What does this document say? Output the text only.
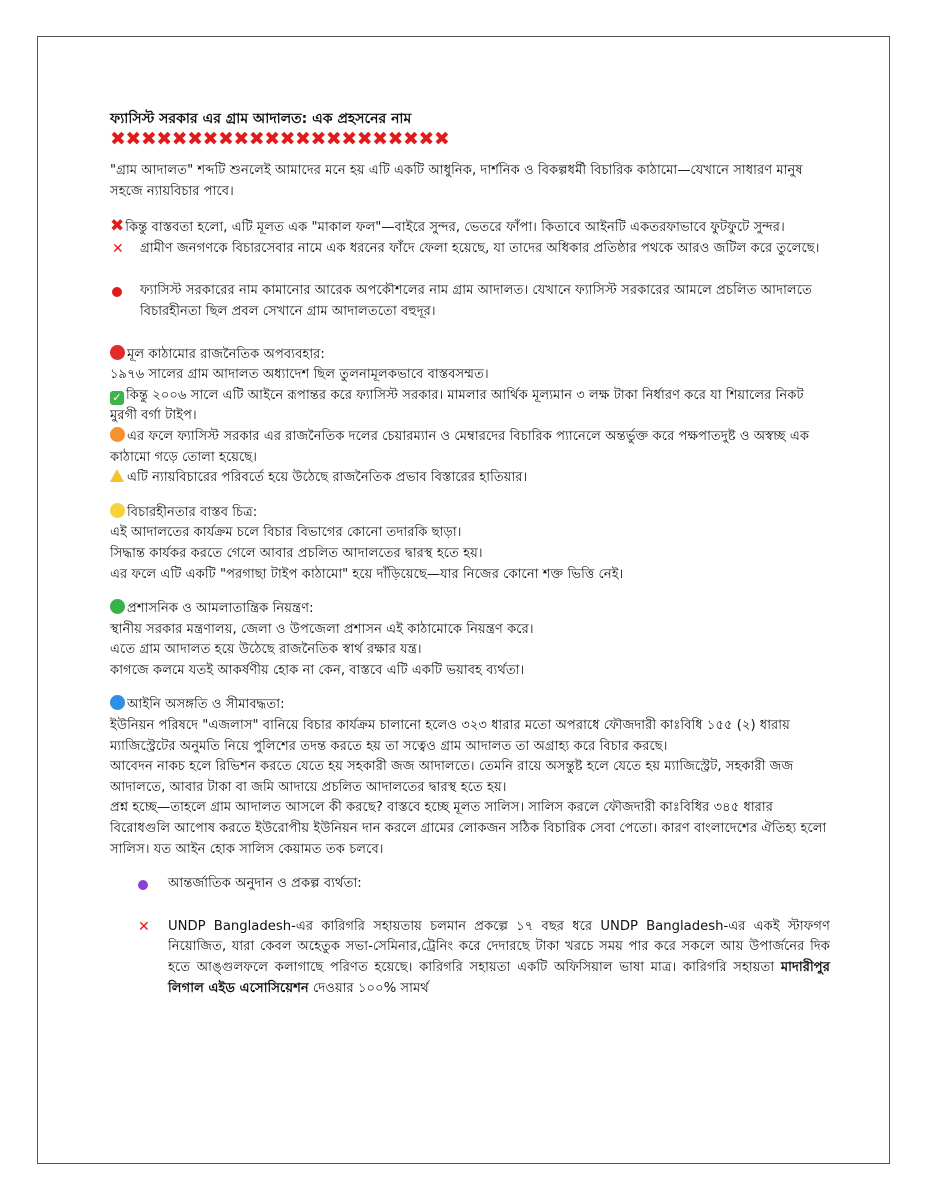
ফ্যাসিস্ট সরকার এর গ্রাম আদালত: এক প্রহসনের নাম

✖✖✖✖✖✖✖✖✖✖✖✖✖✖✖✖✖✖✖✖✖✖

"গ্রাম আদালত" শব্দটি শুনলেই আমাদের মনে হয় এটি একটি আধুনিক, দার্শনিক ও বিকল্পধর্মী বিচারিক কাঠামো—যেখানে সাধারণ মানুষ সহজে ন্যায়বিচার পাবে।

✖কিন্তু বাস্তবতা হলো, এটি মূলত এক "মাকাল ফল"—বাইরে সুন্দর, ভেতরে ফাঁপা। কিতাবে আইনটি একতরফাভাবে ফুটফুটে সুন্দর।

✕ গ্রামীণ জনগণকে বিচারসেবার নামে এক ধরনের ফাঁদে ফেলা হয়েছে, যা তাদের অধিকার প্রতিষ্ঠার পথকে আরও জটিল করে তুলেছে।
ফ্যাসিস্ট সরকারের নাম কামানোর আরেক অপকৌশলের নাম গ্রাম আদালত। যেখানে ফ্যাসিস্ট সরকারের আমলে প্রচলিত আদালতে বিচারহীনতা ছিল প্রবল সেখানে গ্রাম আদালততো বহুদূর।

মূল কাঠামোর রাজনৈতিক অপব্যবহার:

১৯৭৬ সালের গ্রাম আদালত অধ্যাদেশ ছিল তুলনামূলকভাবে বাস্তবসম্মত।

✓ কিন্তু ২০০৬ সালে এটি আইনে রূপান্তর করে ফ্যাসিস্ট সরকার। মামলার আর্থিক মূল্যমান ৩ লক্ষ টাকা নির্ধারণ করে যা শিয়ালের নিকট মুরগী বর্গা টাইপ।

এর ফলে ফ্যাসিস্ট সরকার এর রাজনৈতিক দলের চেয়ারম্যান ও মেম্বারদের বিচারিক প্যানেলে অন্তর্ভুক্ত করে পক্ষপাতদুষ্ট ও অস্বচ্ছ এক কাঠামো গড়ে তোলা হয়েছে।

এটি ন্যায়বিচারের পরিবর্তে হয়ে উঠেছে রাজনৈতিক প্রভাব বিস্তারের হাতিয়ার।

বিচারহীনতার বাস্তব চিত্র:

এই আদালতের কার্যক্রম চলে বিচার বিভাগের কোনো তদারকি ছাড়া।

সিদ্ধান্ত কার্যকর করতে গেলে আবার প্রচলিত আদালতের দ্বারস্থ হতে হয়।

এর ফলে এটি একটি "পরগাছা টাইপ কাঠামো" হয়ে দাঁড়িয়েছে—যার নিজের কোনো শক্ত ভিত্তি নেই।

প্রশাসনিক ও আমলাতান্ত্রিক নিয়ন্ত্রণ:

স্থানীয় সরকার মন্ত্রণালয়, জেলা ও উপজেলা প্রশাসন এই কাঠামোকে নিয়ন্ত্রণ করে।

এতে গ্রাম আদালত হয়ে উঠেছে রাজনৈতিক স্বার্থ রক্ষার যন্ত্র।

কাগজে কলমে যতই আকর্ষণীয় হোক না কেন, বাস্তবে এটি একটি ভয়াবহ ব্যর্থতা।

আইনি অসঙ্গতি ও সীমাবদ্ধতা:

ইউনিয়ন পরিষদে "এজলাস" বানিয়ে বিচার কার্যক্রম চালানো হলেও ৩২৩ ধারার মতো অপরাধে ফৌজদারী কাঃবিধি ১৫৫ (২) ধারায় ম্যাজিস্ট্রেটের অনুমতি নিয়ে পুলিশের তদন্ত করতে হয় তা সত্বেও গ্রাম আদালত তা অগ্রাহ্য করে বিচার করছে।

আবেদন নাকচ হলে রিভিশন করতে যেতে হয় সহকারী জজ আদালতে। তেমনি রায়ে অসন্তুষ্ট হলে যেতে হয় ম্যাজিস্ট্রেট, সহকারী জজ আদালতে, আবার টাকা বা জমি আদায়ে প্রচলিত আদালতের দ্বারস্থ হতে হয়।

প্রশ্ন হচ্ছে—তাহলে গ্রাম আদালত আসলে কী করছে? বাস্তবে হচ্ছে মূলত সালিস। সালিস করলে ফৌজদারী কাঃবিধির ৩৪৫ ধারার বিরোধগুলি আপোষ করতে ইউরোপীয় ইউনিয়ন দান করলে গ্রামের লোকজন সঠিক বিচারিক সেবা পেতো। কারণ বাংলাদেশের ঐতিহ্য হলো সালিস। যত আইন হোক সালিস কেয়ামত তক চলবে।

আন্তর্জাতিক অনুদান ও প্রকল্প ব্যর্থতা:
✕ UNDP Bangladesh-এর কারিগরি সহায়তায় চলমান প্রকল্পে ১৭ বছর ধরে UNDP Bangladesh-এর একই স্টাফগণ নিয়োজিত, যারা কেবল অহেতুক সভা-সেমিনার,ট্রেনিং করে দেদারছে টাকা খরচে সময় পার করে সকলে আয় উপার্জনের দিক হতে আঙ্গুলফলে কলাগাছে পরিণত হয়েছে। কারিগরি সহায়তা একটি অফিসিয়াল ভাষা মাত্র। কারিগরি সহায়তা মাদারীপুর লিগাল এইড এসোসিয়েশন দেওয়ার ১০০% সামর্থ
